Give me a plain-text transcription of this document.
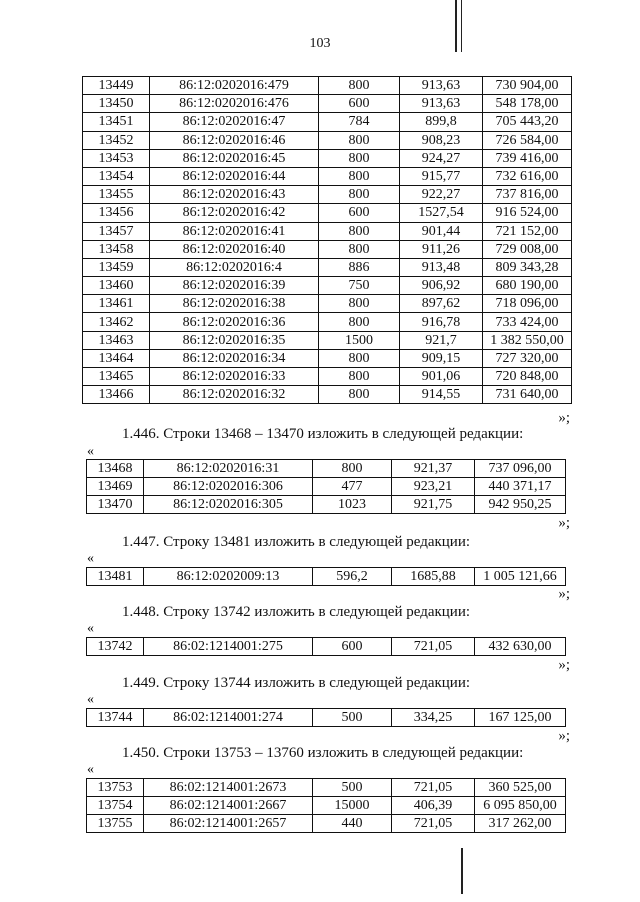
103
13449	86:12:0202016:479	800	913,63	730 904,00
13450	86:12:0202016:476	600	913,63	548 178,00
13451	86:12:0202016:47	784	899,8	705 443,20
13452	86:12:0202016:46	800	908,23	726 584,00
13453	86:12:0202016:45	800	924,27	739 416,00
13454	86:12:0202016:44	800	915,77	732 616,00
13455	86:12:0202016:43	800	922,27	737 816,00
13456	86:12:0202016:42	600	1527,54	916 524,00
13457	86:12:0202016:41	800	901,44	721 152,00
13458	86:12:0202016:40	800	911,26	729 008,00
13459	86:12:0202016:4	886	913,48	809 343,28
13460	86:12:0202016:39	750	906,92	680 190,00
13461	86:12:0202016:38	800	897,62	718 096,00
13462	86:12:0202016:36	800	916,78	733 424,00
13463	86:12:0202016:35	1500	921,7	1 382 550,00
13464	86:12:0202016:34	800	909,15	727 320,00
13465	86:12:0202016:33	800	901,06	720 848,00
13466	86:12:0202016:32	800	914,55	731 640,00
»;
1.446. Строки 13468 – 13470 изложить в следующей редакции:
«
13468	86:12:0202016:31	800	921,37	737 096,00
13469	86:12:0202016:306	477	923,21	440 371,17
13470	86:12:0202016:305	1023	921,75	942 950,25
»;
1.447. Строку 13481 изложить в следующей редакции:
«
13481	86:12:0202009:13	596,2	1685,88	1 005 121,66
»;
1.448. Строку 13742 изложить в следующей редакции:
«
13742	86:02:1214001:275	600	721,05	432 630,00
»;
1.449. Строку 13744 изложить в следующей редакции:
«
13744	86:02:1214001:274	500	334,25	167 125,00
»;
1.450. Строки 13753 – 13760 изложить в следующей редакции:
«
13753	86:02:1214001:2673	500	721,05	360 525,00
13754	86:02:1214001:2667	15000	406,39	6 095 850,00
13755	86:02:1214001:2657	440	721,05	317 262,00
